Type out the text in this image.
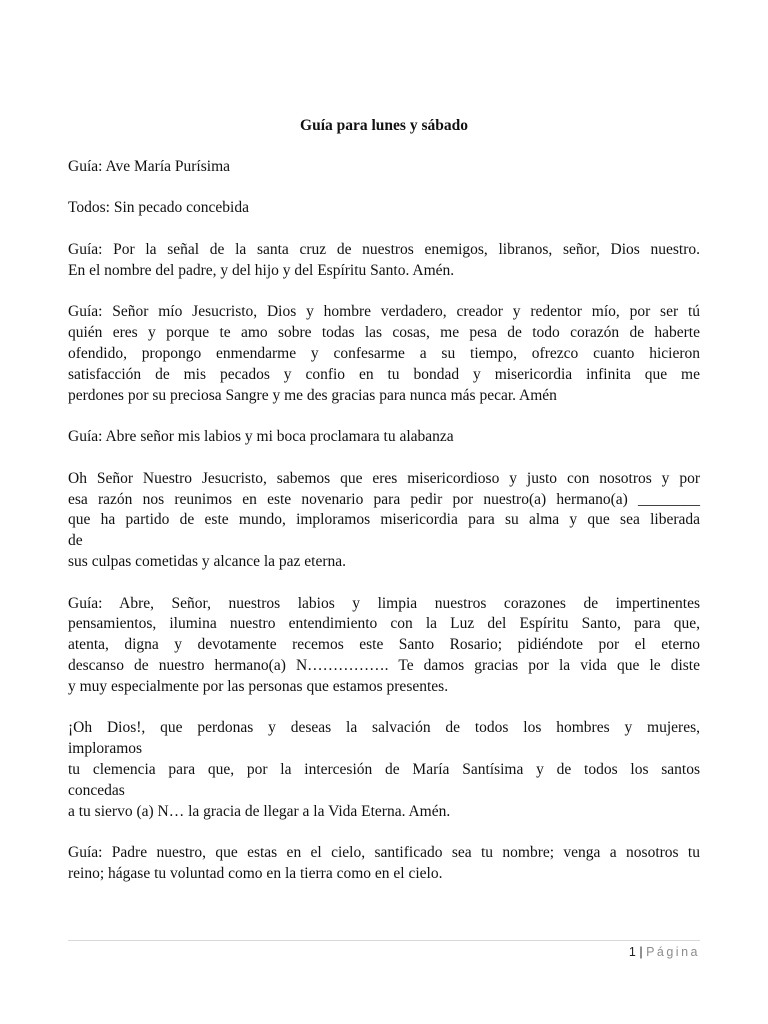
Guía para lunes y sábado
Guía: Ave María Purísima
Todos: Sin pecado concebida
Guía: Por la señal de la santa cruz de nuestros enemigos, libranos, señor, Dios nuestro.
En el nombre del padre, y del hijo y del Espíritu Santo. Amén.
Guía: Señor mío Jesucristo, Dios y hombre verdadero, creador y redentor mío, por ser tú
quién eres y porque te amo sobre todas las cosas, me pesa de todo corazón de haberte
ofendido, propongo enmendarme y confesarme a su tiempo, ofrezco cuanto hicieron
satisfacción de mis pecados y confio en tu bondad y misericordia infinita que me
perdones por su preciosa Sangre y me des gracias para nunca más pecar. Amén
Guía: Abre señor mis labios y mi boca proclamara tu alabanza
Oh Señor Nuestro Jesucristo, sabemos que eres misericordioso y justo con nosotros y por
esa razón nos reunimos en este novenario para pedir por nuestro(a) hermano(a) ________
que ha partido de este mundo, imploramos misericordia para su alma y que sea liberada
de
sus culpas cometidas y alcance la paz eterna.
Guía: Abre, Señor, nuestros labios y limpia nuestros corazones de impertinentes
pensamientos, ilumina nuestro entendimiento con la Luz del Espíritu Santo, para que,
atenta, digna y devotamente recemos este Santo Rosario; pidiéndote por el eterno
descanso de nuestro hermano(a) N……………. Te damos gracias por la vida que le diste
y muy especialmente por las personas que estamos presentes.
¡Oh Dios!, que perdonas y deseas la salvación de todos los hombres y mujeres,
imploramos
tu clemencia para que, por la intercesión de María Santísima y de todos los santos
concedas
a tu siervo (a) N… la gracia de llegar a la Vida Eterna. Amén.
Guía: Padre nuestro, que estas en el cielo, santificado sea tu nombre; venga a nosotros tu
reino; hágase tu voluntad como en la tierra como en el cielo.
1 | Página
